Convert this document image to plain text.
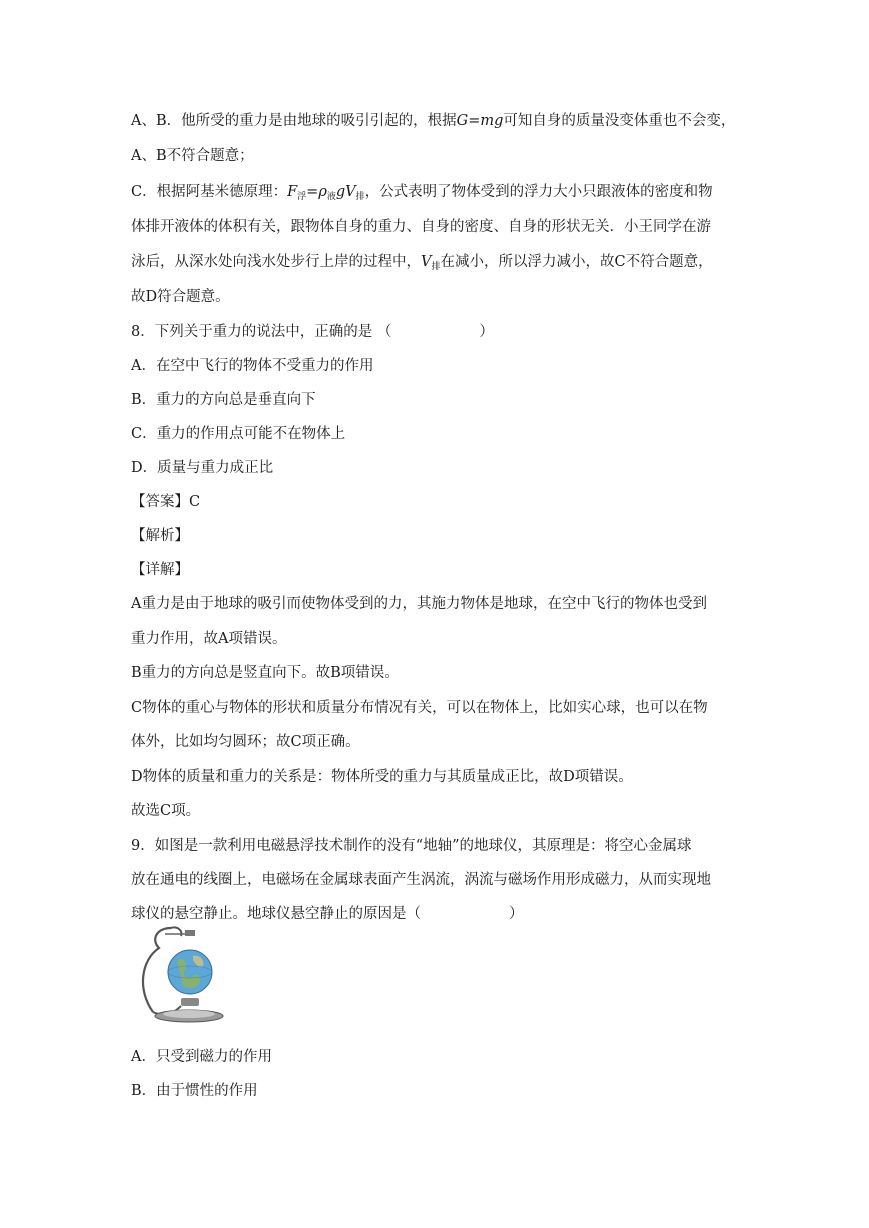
A、B．他所受的重力是由地球的吸引引起的，根据G=mg可知自身的质量没变体重也不会变，
A、B不符合题意；
C．根据阿基米德原理：$F_浮=\rho_液gV_排$，公式表明了物体受到的浮力大小只跟液体的密度和物
体排开液体的体积有关，跟物体自身的重力、自身的密度、自身的形状无关．小王同学在游
泳后，从深水处向浅水处步行上岸的过程中，$V_排$在减小，所以浮力减小，故C不符合题意，
故D符合题意。
8．下列关于重力的说法中，正确的是 （	）
A．在空中飞行的物体不受重力的作用
B．重力的方向总是垂直向下
C．重力的作用点可能不在物体上
D．质量与重力成正比
【答案】C
【解析】
【详解】
A重力是由于地球的吸引而使物体受到的力，其施力物体是地球，在空中飞行的物体也受到
重力作用，故A项错误。
B重力的方向总是竖直向下。故B项错误。
C物体的重心与物体的形状和质量分布情况有关，可以在物体上，比如实心球，也可以在物
体外，比如均匀圆环；故C项正确。
D物体的质量和重力的关系是：物体所受的重力与其质量成正比，故D项错误。
故选C项。
9．如图是一款利用电磁悬浮技术制作的没有“地轴”的地球仪，其原理是：将空心金属球
放在通电的线圈上，电磁场在金属球表面产生涡流，涡流与磁场作用形成磁力，从而实现地
球仪的悬空静止。地球仪悬空静止的原因是（	）
A．只受到磁力的作用
B．由于惯性的作用
